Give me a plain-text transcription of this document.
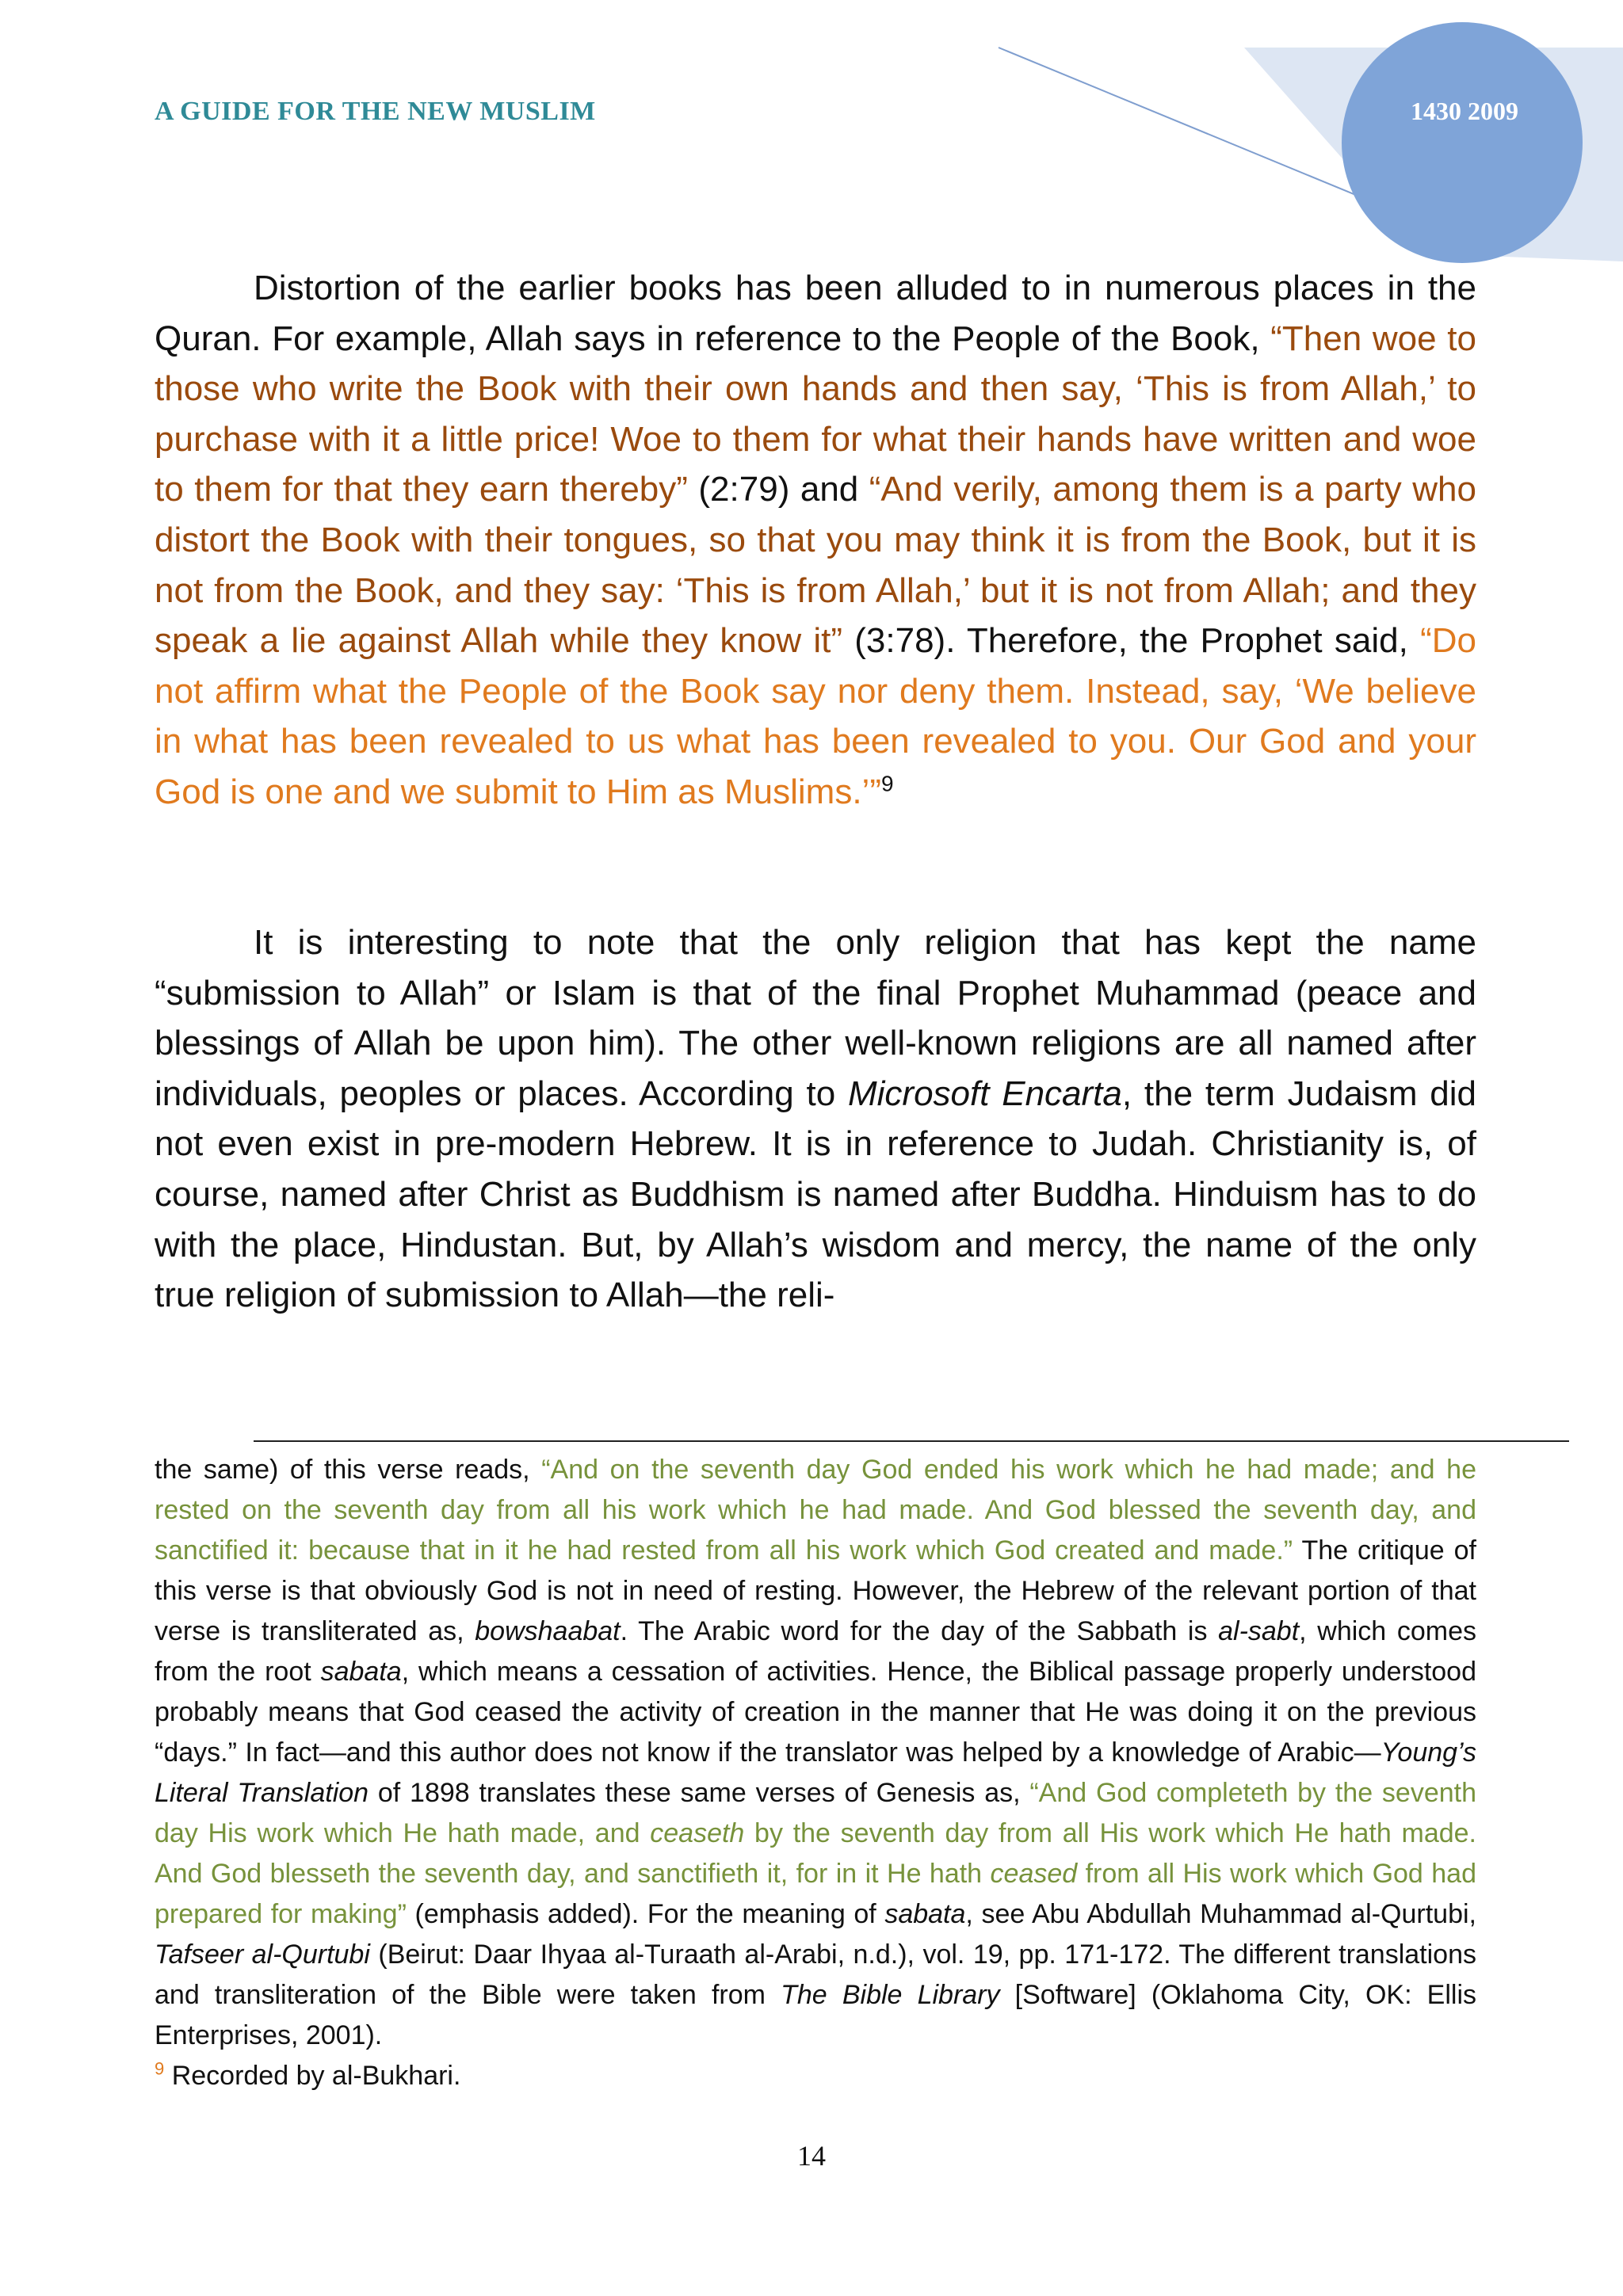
A GUIDE FOR THE NEW MUSLIM	1430 2009

Distortion of the earlier books has been alluded to in numerous places in the Quran. For example, Allah says in reference to the People of the Book, “Then woe to those who write the Book with their own hands and then say, ‘This is from Allah,’ to purchase with it a little price! Woe to them for what their hands have written and woe to them for that they earn thereby” (2:79) and “And verily, among them is a party who distort the Book with their tongues, so that you may think it is from the Book, but it is not from the Book, and they say: ‘This is from Allah,’ but it is not from Allah; and they speak a lie against Allah while they know it” (3:78). Therefore, the Prophet said, “Do not affirm what the People of the Book say nor deny them. Instead, say, ‘We believe in what has been revealed to us what has been revealed to you. Our God and your God is one and we submit to Him as Muslims.’”$^9$

It is interesting to note that the only religion that has kept the name “submission to Allah” or Islam is that of the final Prophet Muhammad (peace and blessings of Allah be upon him). The other well-known religions are all named after individuals, peoples or places. According to Microsoft Encarta, the term Judaism did not even exist in pre-modern Hebrew. It is in reference to Judah. Christianity is, of course, named after Christ as Buddhism is named after Buddha. Hinduism has to do with the place, Hindustan. But, by Allah’s wisdom and mercy, the name of the only true religion of submission to Allah—the reli-

the same) of this verse reads, “And on the seventh day God ended his work which he had made; and he rested on the seventh day from all his work which he had made. And God blessed the seventh day, and sanctified it: because that in it he had rested from all his work which God created and made.” The critique of this verse is that obviously God is not in need of resting. However, the Hebrew of the relevant portion of that verse is transliterated as, bowshaabat. The Arabic word for the day of the Sabbath is al-sabt, which comes from the root sabata, which means a cessation of activities. Hence, the Biblical passage properly understood probably means that God ceased the activity of creation in the manner that He was doing it on the previous “days.” In fact—and this author does not know if the translator was helped by a knowledge of Arabic—Young’s Literal Translation of 1898 translates these same verses of Genesis as, “And God completeth by the seventh day His work which He hath made, and ceaseth by the seventh day from all His work which He hath made. And God blesseth the seventh day, and sanctifieth it, for in it He hath ceased from all His work which God had prepared for making” (emphasis added). For the meaning of sabata, see Abu Abdullah Muhammad al-Qurtubi, Tafseer al-Qurtubi (Beirut: Daar Ihyaa al-Turaath al-Arabi, n.d.), vol. 19, pp. 171-172. The different translations and transliteration of the Bible were taken from The Bible Library [Software] (Oklahoma City, OK: Ellis Enterprises, 2001).

$^9$ Recorded by al-Bukhari.

14
